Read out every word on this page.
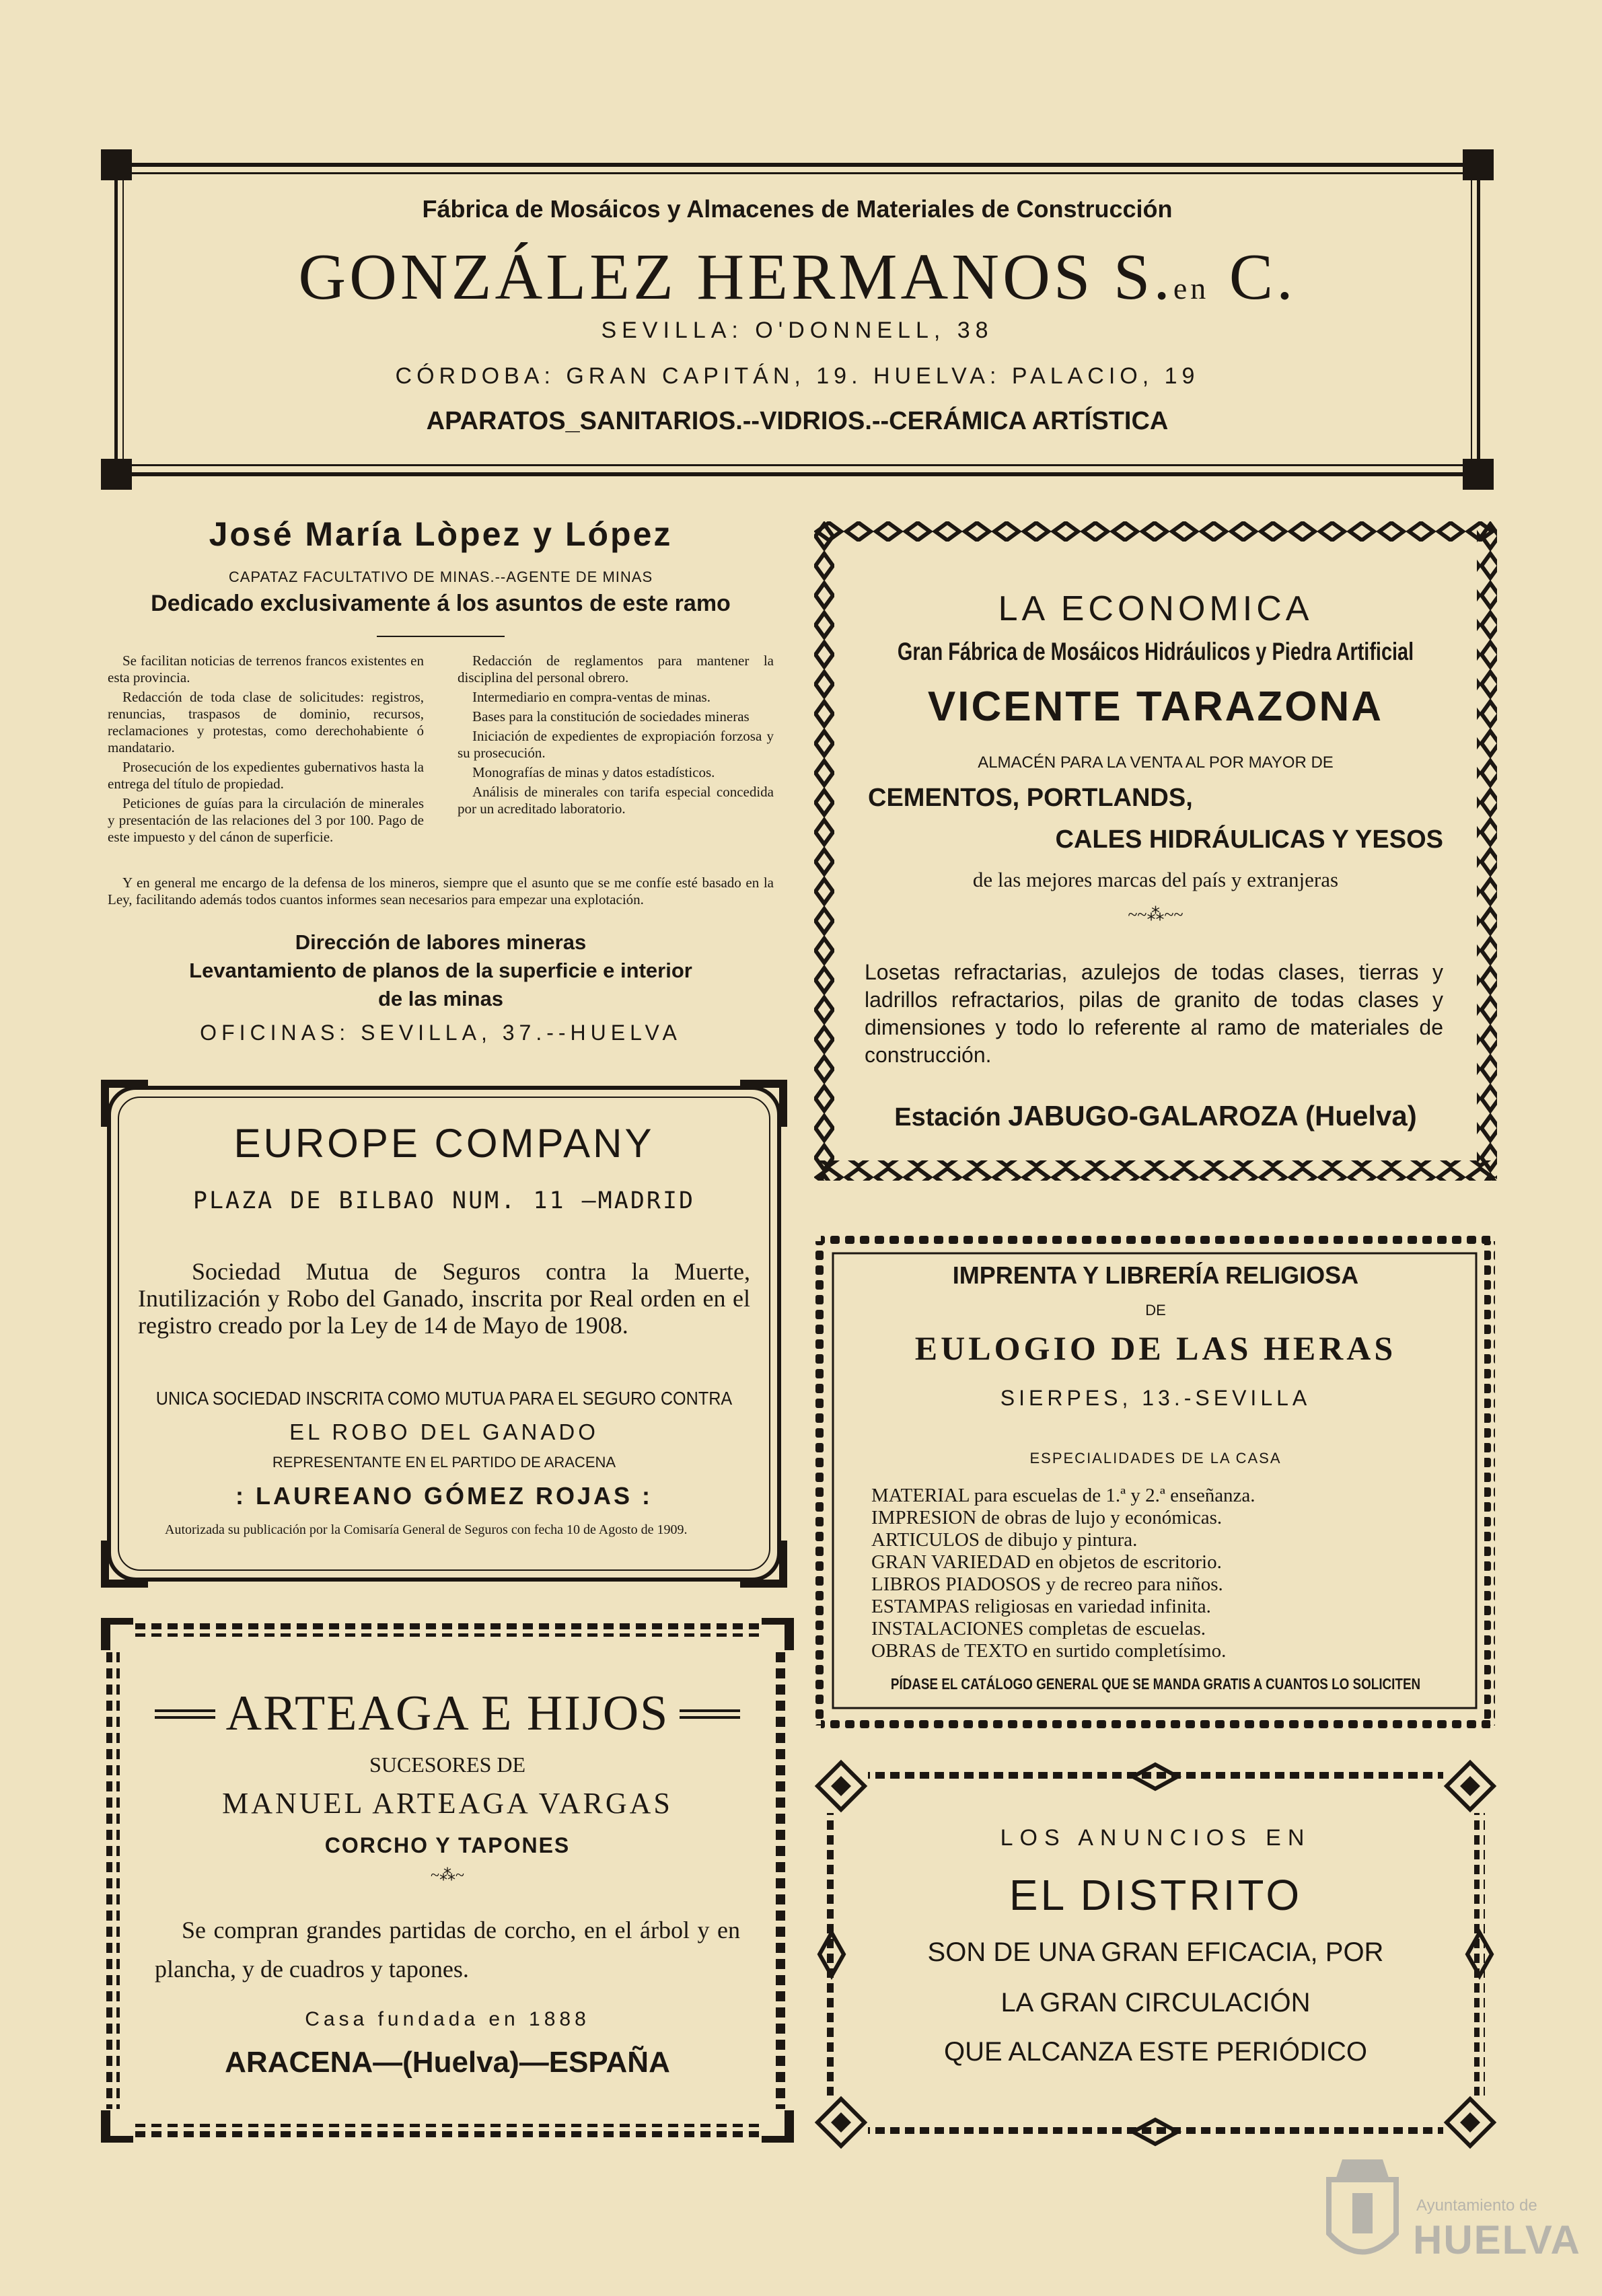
Fábrica de Mosáicos y Almacenes de Materiales de Construcción
GONZÁLEZ HERMANOS S.en C.
SEVILLA: O'DONNELL, 38
CÓRDOBA: GRAN CAPITÁN, 19. HUELVA: PALACIO, 19
APARATOS_SANITARIOS.--VIDRIOS.--CERÁMICA ARTÍSTICA
José María Lòpez y López
CAPATAZ FACULTATIVO DE MINAS.--AGENTE DE MINAS
Dedicado exclusivamente á los asuntos de este ramo

Se facilitan noticias de terrenos francos existentes en esta provincia.

Redacción de toda clase de solicitudes: registros, renuncias, traspasos de dominio, recursos, reclamaciones y protestas, como derechohabiente ó mandatario.

Prosecución de los expedientes gubernativos hasta la entrega del título de propiedad.

Peticiones de guías para la circulación de minerales y presentación de las relaciones del 3 por 100. Pago de este impuesto y del cánon de superficie.

Redacción de reglamentos para mantener la disciplina del personal obrero.

Intermediario en compra-ventas de minas.

Bases para la constitución de sociedades mineras

Iniciación de expedientes de expropiación forzosa y su prosecución.

Monografías de minas y datos estadísticos.

Análisis de minerales con tarifa especial concedida por un acreditado laboratorio.

Y en general me encargo de la defensa de los mineros, siempre que el asunto que se me confíe esté basado en la Ley, facilitando además todos cuantos informes sean necesarios para empezar una explotación.

Dirección de labores mineras
Levantamiento de planos de la superficie e interior
de las minas
OFICINAS: SEVILLA, 37.--HUELVA
LA ECONOMICA
Gran Fábrica de Mosáicos Hidráulicos y Piedra Artificial
VICENTE TARAZONA
ALMACÉN PARA LA VENTA AL POR MAYOR DE
CEMENTOS, PORTLANDS,
CALES HIDRÁULICAS Y YESOS
de las mejores marcas del país y extranjeras
~~⁂~~
Losetas refractarias, azulejos de todas clases, tierras y ladrillos refractarios, pilas de granito de todas clases y dimensiones y todo lo referente al ramo de materiales de construcción.
Estación JABUGO-GALAROZA (Huelva)
EUROPE COMPANY
PLAZA DE BILBAO NUM. 11 —MADRID
Sociedad Mutua de Seguros contra la Muerte, Inutilización y Robo del Ganado, inscrita por Real orden en el registro creado por la Ley de 14 de Mayo de 1908.
UNICA SOCIEDAD INSCRITA COMO MUTUA PARA EL SEGURO CONTRA
EL ROBO DEL GANADO
REPRESENTANTE EN EL PARTIDO DE ARACENA
: LAUREANO GÓMEZ ROJAS :
Autorizada su publicación por la Comisaría General de Seguros con fecha 10 de Agosto de 1909.
IMPRENTA Y LIBRERÍA RELIGIOSA
DE
EULOGIO DE LAS HERAS
SIERPES, 13.-SEVILLA
ESPECIALIDADES DE LA CASA
MATERIAL para escuelas de 1.ª y 2.ª enseñanza.
IMPRESION de obras de lujo y económicas.
ARTICULOS de dibujo y pintura.
GRAN VARIEDAD en objetos de escritorio.
LIBROS PIADOSOS y de recreo para niños.
ESTAMPAS religiosas en variedad infinita.
INSTALACIONES completas de escuelas.
OBRAS de TEXTO en surtido completísimo.
PÍDASE EL CATÁLOGO GENERAL QUE SE MANDA GRATIS A CUANTOS LO SOLICITEN
ARTEAGA E HIJOS
SUCESORES DE
MANUEL ARTEAGA VARGAS
CORCHO Y TAPONES
~⁂~
Se compran grandes partidas de corcho, en el árbol y en plancha, y de cuadros y tapones.
Casa fundada en 1888
ARACENA—(Huelva)—ESPAÑA
LOS ANUNCIOS EN
EL DISTRITO
SON DE UNA GRAN EFICACIA, POR
LA GRAN CIRCULACIÓN
QUE ALCANZA ESTE PERIÓDICO
Ayuntamiento de
HUELVA
